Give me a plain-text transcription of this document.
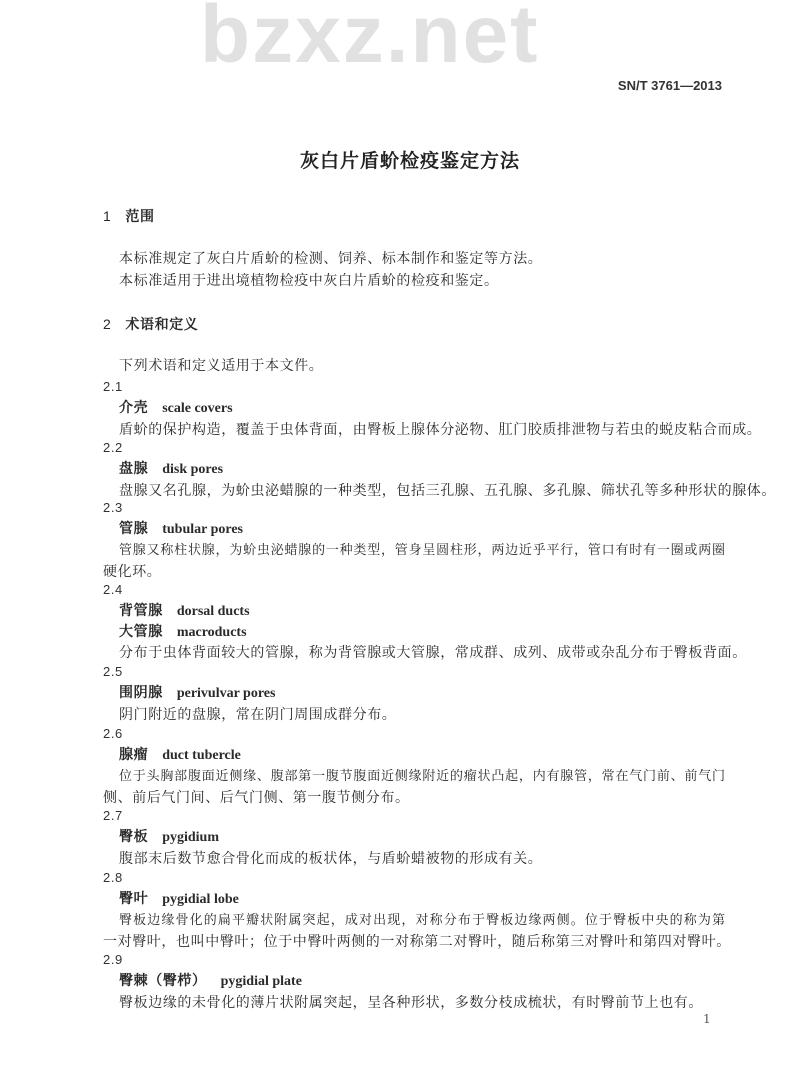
SN/T 3761—2013
bzxz.net
灰白片盾蚧检疫鉴定方法
1 范围
本标准规定了灰白片盾蚧的检测、饲养、标本制作和鉴定等方法。
本标准适用于进出境植物检疫中灰白片盾蚧的检疫和鉴定。
2 术语和定义
下列术语和定义适用于本文件。
2.1
介壳 scale covers
盾蚧的保护构造，覆盖于虫体背面，由臀板上腺体分泌物、肛门胶质排泄物与若虫的蜕皮粘合而成。
2.2
盘腺 disk pores
盘腺又名孔腺，为蚧虫泌蜡腺的一种类型，包括三孔腺、五孔腺、多孔腺、筛状孔等多种形状的腺体。
2.3
管腺 tubular pores
管腺又称柱状腺，为蚧虫泌蜡腺的一种类型，管身呈圆柱形，两边近乎平行，管口有时有一圈或两圈
硬化环。
2.4
背管腺 dorsal ducts
大管腺 macroducts
分布于虫体背面较大的管腺，称为背管腺或大管腺，常成群、成列、成带或杂乱分布于臀板背面。
2.5
围阴腺 perivulvar pores
阴门附近的盘腺，常在阴门周围成群分布。
2.6
腺瘤 duct tubercle
位于头胸部腹面近侧缘、腹部第一腹节腹面近侧缘附近的瘤状凸起，内有腺管，常在气门前、前气门
侧、前后气门间、后气门侧、第一腹节侧分布。
2.7
臀板 pygidium
腹部末后数节愈合骨化而成的板状体，与盾蚧蜡被物的形成有关。
2.8
臀叶 pygidial lobe
臀板边缘骨化的扁平瓣状附属突起，成对出现，对称分布于臀板边缘两侧。位于臀板中央的称为第
一对臀叶，也叫中臀叶；位于中臀叶两侧的一对称第二对臀叶，随后称第三对臀叶和第四对臀叶。
2.9
臀棘（臀栉） pygidial plate
臀板边缘的未骨化的薄片状附属突起，呈各种形状，多数分枝成梳状，有时臀前节上也有。
1
